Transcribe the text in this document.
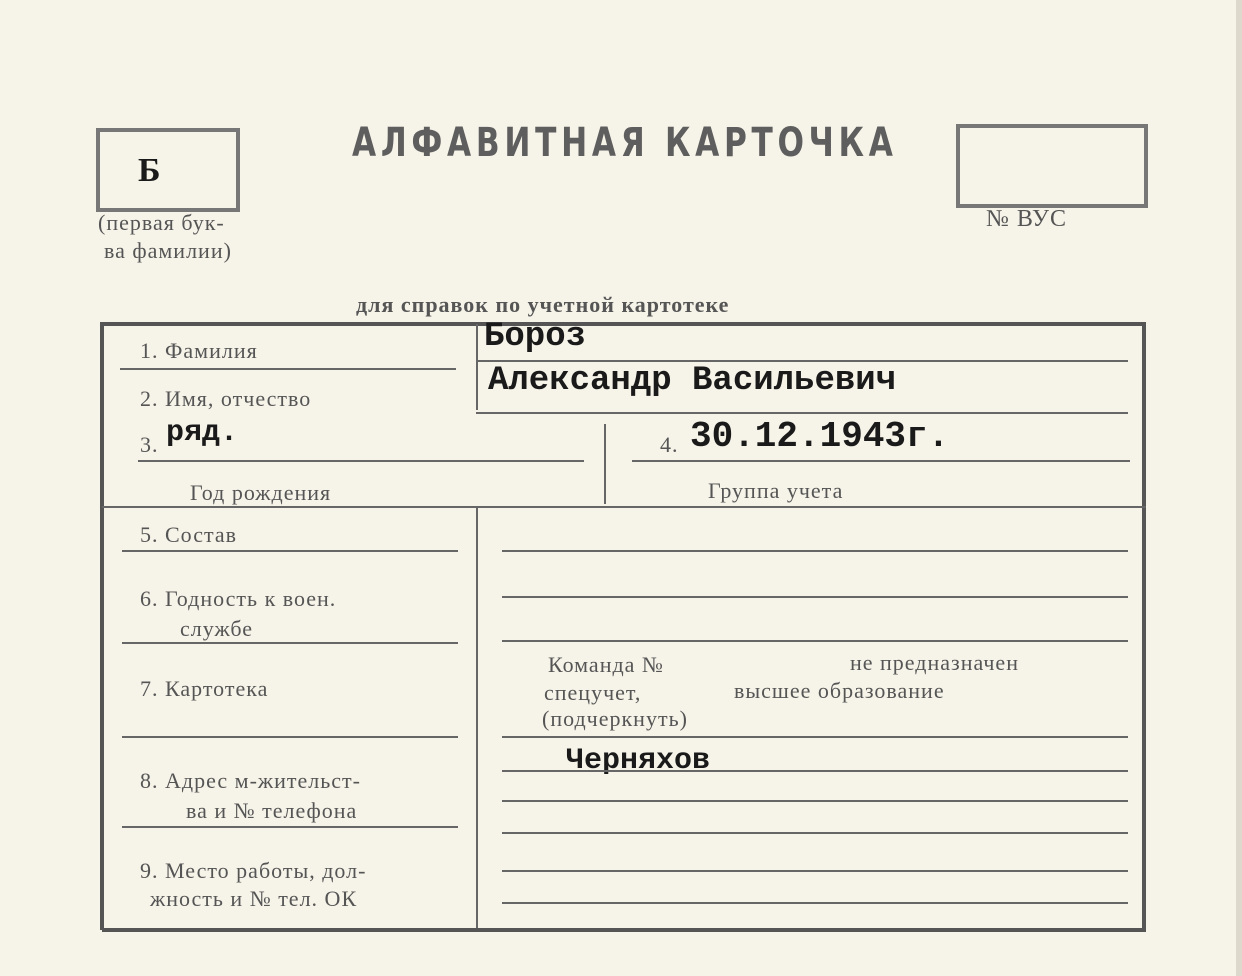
Б
(первая бук-
ва фамилии)
АЛФАВИТНАЯ КАРТОЧКА
№ ВУС
для справок по учетной картотеке
1. Фамилия	Бороз
2. Имя, отчество	Александр Васильевич
3. ряд.	4. 30.12.1943г.
Год рождения	Группа учета
5. Состав
6. Годность к воен.
службе
7. Картотека
8. Адрес м-жительст-
ва и № телефона
9. Место работы, дол-
жность и № тел. ОК
Команда №	не предназначен
спецучет,	высшее образование
(подчеркнуть)
Черняхов
